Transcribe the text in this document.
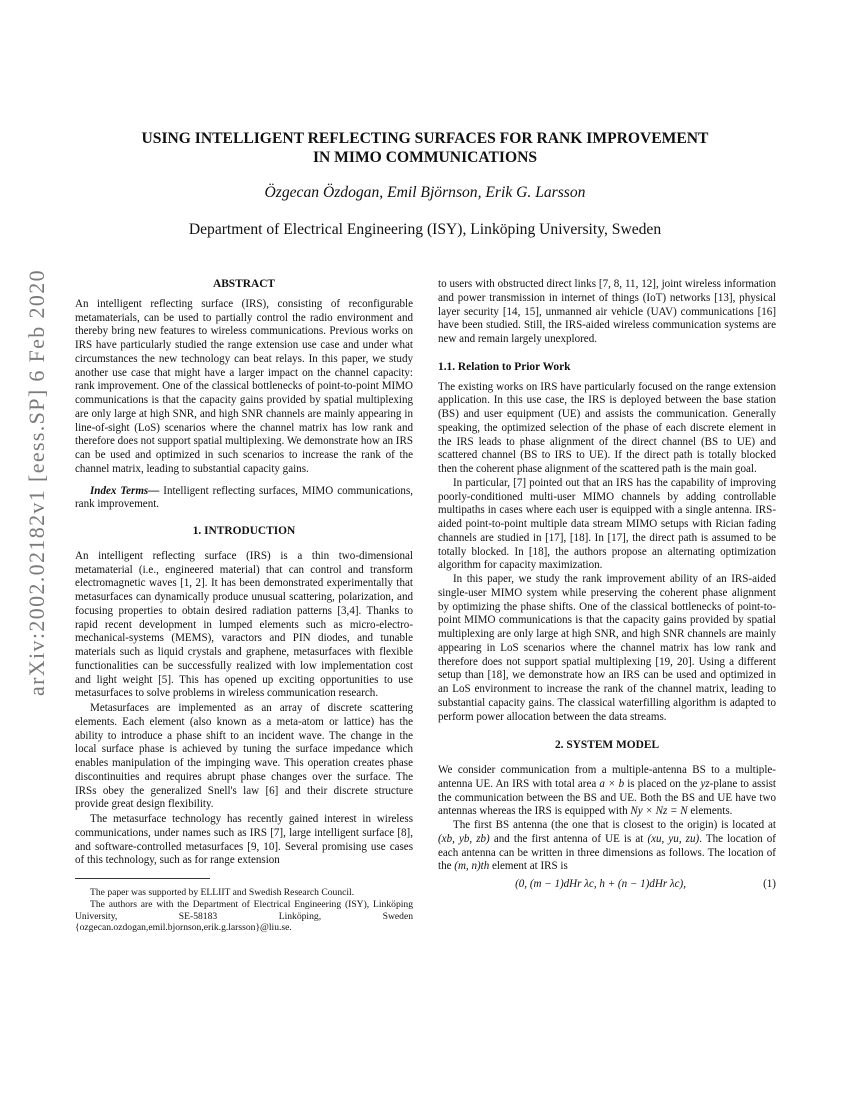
arXiv:2002.02182v1 [eess.SP] 6 Feb 2020
USING INTELLIGENT REFLECTING SURFACES FOR RANK IMPROVEMENT
IN MIMO COMMUNICATIONS
Özgecan Özdogan, Emil Björnson, Erik G. Larsson
Department of Electrical Engineering (ISY), Linköping University, Sweden
ABSTRACT

An intelligent reflecting surface (IRS), consisting of reconfigurable metamaterials, can be used to partially control the radio environment and thereby bring new features to wireless communications. Previous works on IRS have particularly studied the range extension use case and under what circumstances the new technology can beat relays. In this paper, we study another use case that might have a larger impact on the channel capacity: rank improvement. One of the classical bottlenecks of point-to-point MIMO communications is that the capacity gains provided by spatial multiplexing are only large at high SNR, and high SNR channels are mainly appearing in line-of-sight (LoS) scenarios where the channel matrix has low rank and therefore does not support spatial multiplexing. We demonstrate how an IRS can be used and optimized in such scenarios to increase the rank of the channel matrix, leading to substantial capacity gains.

Index Terms— Intelligent reflecting surfaces, MIMO communications, rank improvement.

1. INTRODUCTION

An intelligent reflecting surface (IRS) is a thin two-dimensional metamaterial (i.e., engineered material) that can control and transform electromagnetic waves [1, 2]. It has been demonstrated experimentally that metasurfaces can dynamically produce unusual scattering, polarization, and focusing properties to obtain desired radiation patterns [3,4]. Thanks to rapid recent development in lumped elements such as micro-electro-mechanical-systems (MEMS), varactors and PIN diodes, and tunable materials such as liquid crystals and graphene, metasurfaces with flexible functionalities can be successfully realized with low implementation cost and light weight [5]. This has opened up exciting opportunities to use metasurfaces to solve problems in wireless communication research.

Metasurfaces are implemented as an array of discrete scattering elements. Each element (also known as a meta-atom or lattice) has the ability to introduce a phase shift to an incident wave. The change in the local surface phase is achieved by tuning the surface impedance which enables manipulation of the impinging wave. This operation creates phase discontinuities and requires abrupt phase changes over the surface. The IRSs obey the generalized Snell's law [6] and their discrete structure provide great design flexibility.

The metasurface technology has recently gained interest in wireless communications, under names such as IRS [7], large intelligent surface [8], and software-controlled metasurfaces [9, 10]. Several promising use cases of this technology, such as for range extension

The paper was supported by ELLIIT and Swedish Research Council.

The authors are with the Department of Electrical Engineering (ISY), Linköping University, SE-58183 Linköping, Sweden {ozgecan.ozdogan,emil.bjornson,erik.g.larsson}@liu.se.

to users with obstructed direct links [7, 8, 11, 12], joint wireless information and power transmission in internet of things (IoT) networks [13], physical layer security [14, 15], unmanned air vehicle (UAV) communications [16] have been studied. Still, the IRS-aided wireless communication systems are new and remain largely unexplored.

1.1. Relation to Prior Work

The existing works on IRS have particularly focused on the range extension application. In this use case, the IRS is deployed between the base station (BS) and user equipment (UE) and assists the communication. Generally speaking, the optimized selection of the phase of each discrete element in the IRS leads to phase alignment of the direct channel (BS to UE) and scattered channel (BS to IRS to UE). If the direct path is totally blocked then the coherent phase alignment of the scattered path is the main goal.

In particular, [7] pointed out that an IRS has the capability of improving poorly-conditioned multi-user MIMO channels by adding controllable multipaths in cases where each user is equipped with a single antenna. IRS-aided point-to-point multiple data stream MIMO setups with Rician fading channels are studied in [17], [18]. In [17], the direct path is assumed to be totally blocked. In [18], the authors propose an alternating optimization algorithm for capacity maximization.

In this paper, we study the rank improvement ability of an IRS-aided single-user MIMO system while preserving the coherent phase alignment by optimizing the phase shifts. One of the classical bottlenecks of point-to-point MIMO communications is that the capacity gains provided by spatial multiplexing are only large at high SNR, and high SNR channels are mainly appearing in LoS scenarios where the channel matrix has low rank and therefore does not support spatial multiplexing [19, 20]. Using a different setup than [18], we demonstrate how an IRS can be used and optimized in an LoS environment to increase the rank of the channel matrix, leading to substantial capacity gains. The classical waterfilling algorithm is adapted to perform power allocation between the data streams.

2. SYSTEM MODEL

We consider communication from a multiple-antenna BS to a multiple-antenna UE. An IRS with total area a × b is placed on the yz-plane to assist the communication between the BS and UE. Both the BS and UE have two antennas whereas the IRS is equipped with Ny × Nz = N elements.

The first BS antenna (the one that is closest to the origin) is located at (xb, yb, zb) and the first antenna of UE is at (xu, yu, zu). The location of each antenna can be written in three dimensions as follows. The location of the (m, n)th element at IRS is

(0, (m − 1)dHr λc, h + (n − 1)dHr λc),	(1)
